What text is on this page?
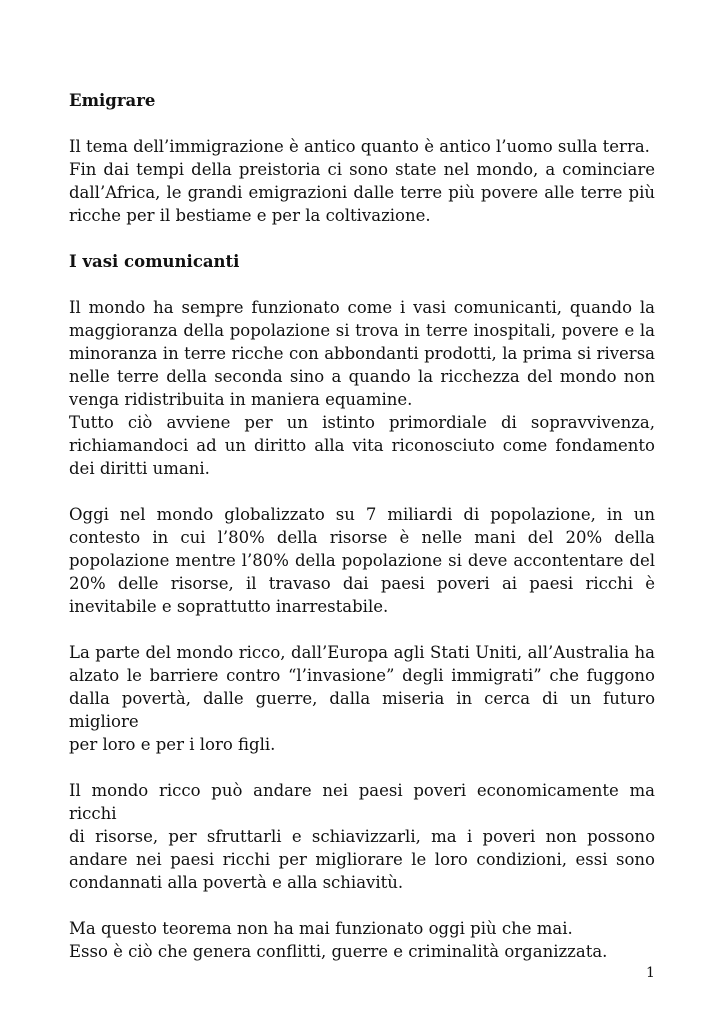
Emigrare
Il tema dell’immigrazione è antico quanto è antico l’uomo sulla terra.
Fin dai tempi della preistoria ci sono state nel mondo, a cominciare
dall’Africa, le grandi emigrazioni dalle terre più povere alle terre più
ricche per il bestiame e per la coltivazione.
I vasi comunicanti
Il mondo ha sempre funzionato come i vasi comunicanti, quando la
maggioranza della popolazione si trova in terre inospitali, povere e la
minoranza in terre ricche con abbondanti prodotti, la prima si riversa
nelle terre della seconda sino a quando la ricchezza del mondo non
venga ridistribuita in maniera equamine.
Tutto ciò avviene per un istinto primordiale di sopravvivenza,
richiamandoci ad un diritto alla vita riconosciuto come fondamento
dei diritti umani.
Oggi nel mondo globalizzato su 7 miliardi di popolazione, in un
contesto in cui l’80% della risorse è nelle mani del 20% della
popolazione mentre l’80% della popolazione si deve accontentare del
20% delle risorse, il travaso dai paesi poveri ai paesi ricchi è
inevitabile e soprattutto inarrestabile.
La parte del mondo ricco, dall’Europa agli Stati Uniti, all’Australia ha
alzato le barriere contro “l’invasione” degli immigrati” che fuggono
dalla povertà, dalle guerre, dalla miseria in cerca di un futuro migliore
per loro e per i loro figli.
Il mondo ricco può andare nei paesi poveri economicamente ma ricchi
di risorse, per sfruttarli e schiavizzarli, ma i poveri non possono
andare nei paesi ricchi per migliorare le loro condizioni, essi sono
condannati alla povertà e alla schiavitù.
Ma questo teorema non ha mai funzionato oggi più che mai.
Esso è ciò che genera conflitti, guerre e criminalità organizzata.
1
